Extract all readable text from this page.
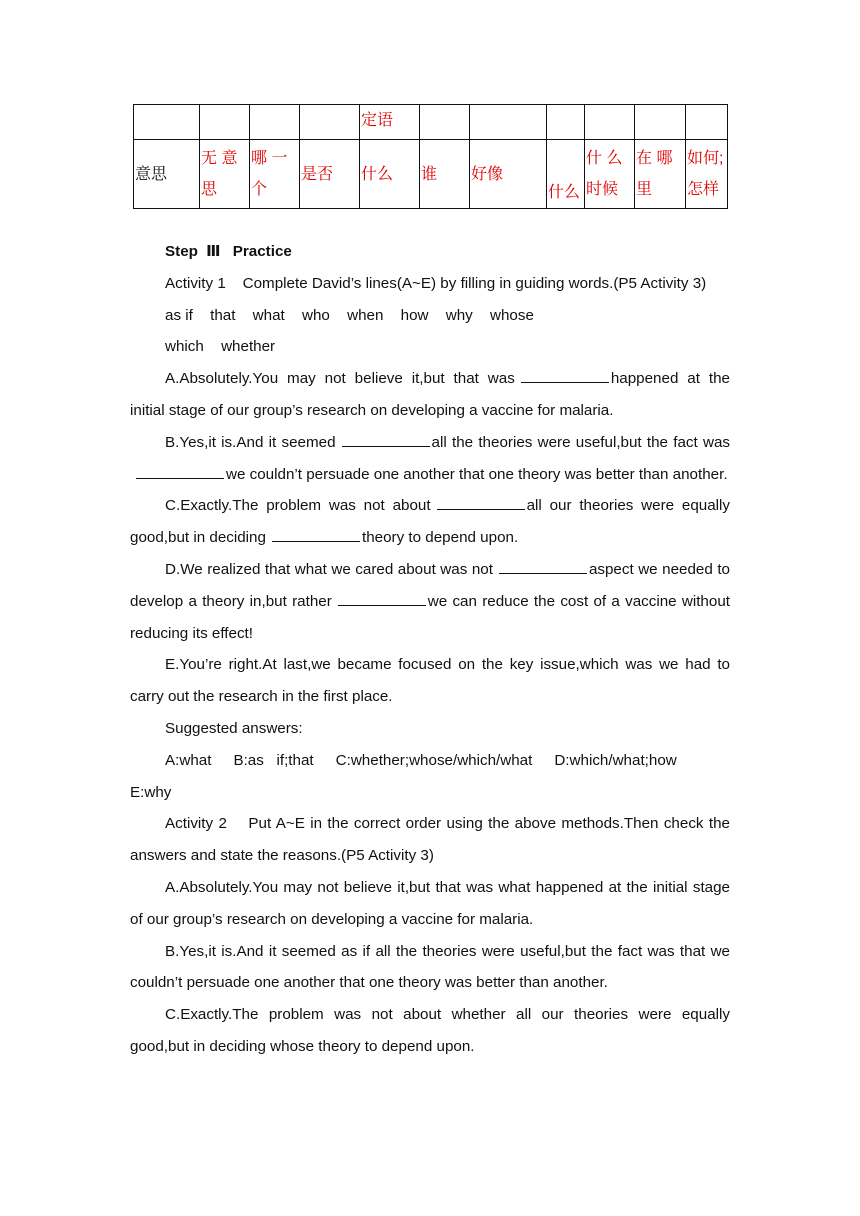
				定语						
意思	无 意思	哪 一个	是否	什么	谁	好像	什么	什 么时候	在 哪里	如何;怎样

Step Ⅲ Practice

Activity 1    Complete David’s lines(A~E) by filling in guiding words.(P5 Activity 3)

as if that what who when how why whose

which whether

A.Absolutely.You may not believe it,but that was	happened at the initial stage of our group’s research on developing a vaccine for malaria.

B.Yes,it is.And it seemed	all the theories were useful,but the fact waswe couldn’t persuade one another that one theory was better than another.

C.Exactly.The problem was not about	all our theories were equally good,but in deciding	theory to depend upon.

D.We realized that what we cared about was not	aspect we needed to develop a theory in,but rather	we can reduce the cost of a vaccine without reducing its effect!

E.You’re right.At last,we became focused on the key issue,which was we had to carry out the research in the first place.

Suggested answers:

A:what B:as   if;that C:whether;whose/which/what D:which/what;how

E:why

Activity 2    Put A~E in the correct order using the above methods.Then check the answers and state the reasons.(P5 Activity 3)

A.Absolutely.You may not believe it,but that was what happened at the initial stage of our group’s research on developing a vaccine for malaria.

B.Yes,it is.And it seemed as if all the theories were useful,but the fact was that we couldn’t persuade one another that one theory was better than another.

C.Exactly.The problem was not about whether all our theories were equally good,but in deciding whose theory to depend upon.
